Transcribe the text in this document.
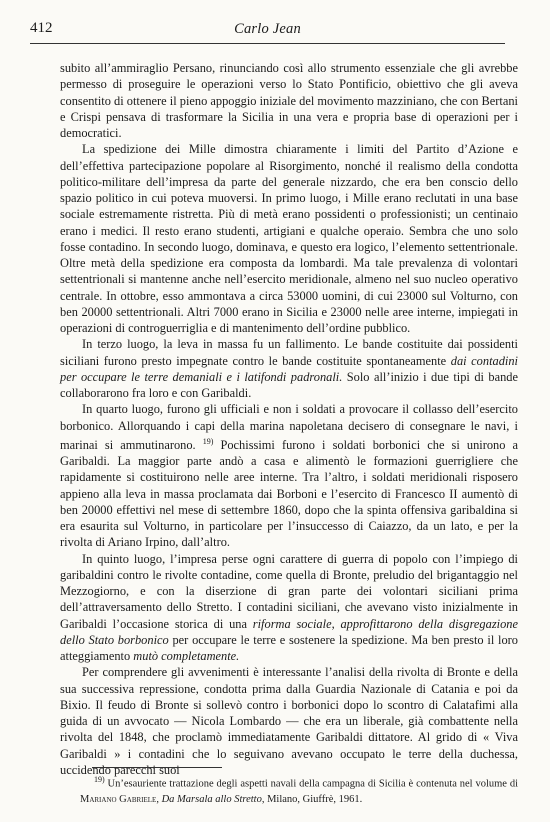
412	Carlo Jean

subito all’ammiraglio Persano, rinunciando così allo strumento essenziale che gli avrebbe permesso di proseguire le operazioni verso lo Stato Pontificio, obiettivo che gli aveva consentito di ottenere il pieno appoggio iniziale del movimento mazziniano, che con Bertani e Crispi pensava di trasformare la Sicilia in una vera e propria base di operazioni per i democratici.

La spedizione dei Mille dimostra chiaramente i limiti del Partito d’Azione e dell’effettiva partecipazione popolare al Risorgimento, nonché il realismo della condotta politico-militare dell’impresa da parte del generale nizzardo, che era ben conscio dello spazio politico in cui poteva muoversi. In primo luogo, i Mille erano reclutati in una base sociale estremamente ristretta. Più di metà erano possidenti o professionisti; un centinaio erano i medici. Il resto erano studenti, artigiani e qualche operaio. Sembra che uno solo fosse contadino. In secondo luogo, dominava, e questo era logico, l’elemento settentrionale. Oltre metà della spedizione era composta da lombardi. Ma tale prevalenza di volontari settentrionali si mantenne anche nell’esercito meridionale, almeno nel suo nucleo operativo centrale. In ottobre, esso ammontava a circa 53000 uomini, di cui 23000 sul Volturno, con ben 20000 settentrionali. Altri 7000 erano in Sicilia e 23000 nelle aree interne, impiegati in operazioni di controguerriglia e di mantenimento dell’ordine pubblico.

In terzo luogo, la leva in massa fu un fallimento. Le bande costituite dai possidenti siciliani furono presto impegnate contro le bande costituite spontaneamente dai contadini per occupare le terre demaniali e i latifondi padronali. Solo all’inizio i due tipi di bande collaborarono fra loro e con Garibaldi.

In quarto luogo, furono gli ufficiali e non i soldati a provocare il collasso dell’esercito borbonico. Allorquando i capi della marina napoletana decisero di consegnare le navi, i marinai si ammutinarono. $^{19)}$ Pochissimi furono i soldati borbonici che si unirono a Garibaldi. La maggior parte andò a casa e alimentò le formazioni guerrigliere che rapidamente si costituirono nelle aree interne. Tra l’altro, i soldati meridionali risposero appieno alla leva in massa proclamata dai Borboni e l’esercito di Francesco II aumentò di ben 20000 effettivi nel mese di settembre 1860, dopo che la spinta offensiva garibaldina si era esaurita sul Volturno, in particolare per l’insuccesso di Caiazzo, da un lato, e per la rivolta di Ariano Irpino, dall’altro.

In quinto luogo, l’impresa perse ogni carattere di guerra di popolo con l’impiego di garibaldini contro le rivolte contadine, come quella di Bronte, preludio del brigantaggio nel Mezzogiorno, e con la diserzione di gran parte dei volontari siciliani prima dell’attraversamento dello Stretto. I contadini siciliani, che avevano visto inizialmente in Garibaldi l’occasione storica di una riforma sociale, approfittarono della disgregazione dello Stato borbonico per occupare le terre e sostenere la spedizione. Ma ben presto il loro atteggiamento mutò completamente.

Per comprendere gli avvenimenti è interessante l’analisi della rivolta di Bronte e della sua successiva repressione, condotta prima dalla Guardia Nazionale di Catania e poi da Bixio. Il feudo di Bronte si sollevò contro i borbonici dopo lo scontro di Calatafimi alla guida di un avvocato — Nicola Lombardo — che era un liberale, già combattente nella rivolta del 1848, che proclamò immediatamente Garibaldi dittatore. Al grido di « Viva Garibaldi » i contadini che lo seguivano avevano occupato le terre della duchessa, uccidendo parecchi suoi

$^{19)}$ Un’esauriente trattazione degli aspetti navali della campagna di Sicilia è contenuta nel volume di Mariano Gabriele, Da Marsala allo Stretto, Milano, Giuffrè, 1961.
